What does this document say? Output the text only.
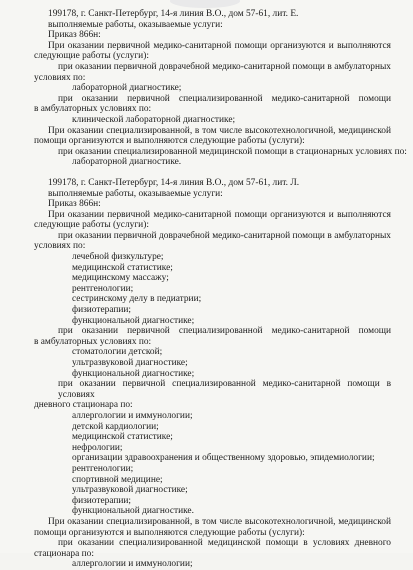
199178, г. Санкт-Петербург, 14-я линия В.О., дом 57-61, лит. Е.
выполняемые работы, оказываемые услуги:
Приказ 866н:
При оказании первичной медико-санитарной помощи организуются и выполняются
следующие работы (услуги):
при оказании первичной доврачебной медико-санитарной помощи в амбулаторных
условиях по:
лабораторной диагностике;
при оказании первичной специализированной медико-санитарной помощи
в амбулаторных условиях по:
клинической лабораторной диагностике;
При оказании специализированной, в том числе высокотехнологичной, медицинской
помощи организуются и выполняются следующие работы (услуги):
при оказании специализированной медицинской помощи в стационарных условиях по:
лабораторной диагностике.
199178, г. Санкт-Петербург, 14-я линия В.О., дом 57-61, лит. Л.
выполняемые работы, оказываемые услуги:
Приказ 866н:
При оказании первичной медико-санитарной помощи организуются и выполняются
следующие работы (услуги):
при оказании первичной доврачебной медико-санитарной помощи в амбулаторных
условиях по:
лечебной физкультуре;
медицинской статистике;
медицинскому массажу;
рентгенологии;
сестринскому делу в педиатрии;
физиотерапии;
функциональной диагностике;
при оказании первичной специализированной медико-санитарной помощи
в амбулаторных условиях по:
стоматологии детской;
ультразвуковой диагностике;
функциональной диагностике;
при оказании первичной специализированной медико-санитарной помощи в условиях
дневного стационара по:
аллергологии и иммунологии;
детской кардиологии;
медицинской статистике;
нефрологии;
организации здравоохранения и общественному здоровью, эпидемиологии;
рентгенологии;
спортивной медицине;
ультразвуковой диагностике;
физиотерапии;
функциональной диагностике.
При оказании специализированной, в том числе высокотехнологичной, медицинской
помощи организуются и выполняются следующие работы (услуги):
при оказании специализированной медицинской помощи в условиях дневного
стационара по:
аллергологии и иммунологии;
